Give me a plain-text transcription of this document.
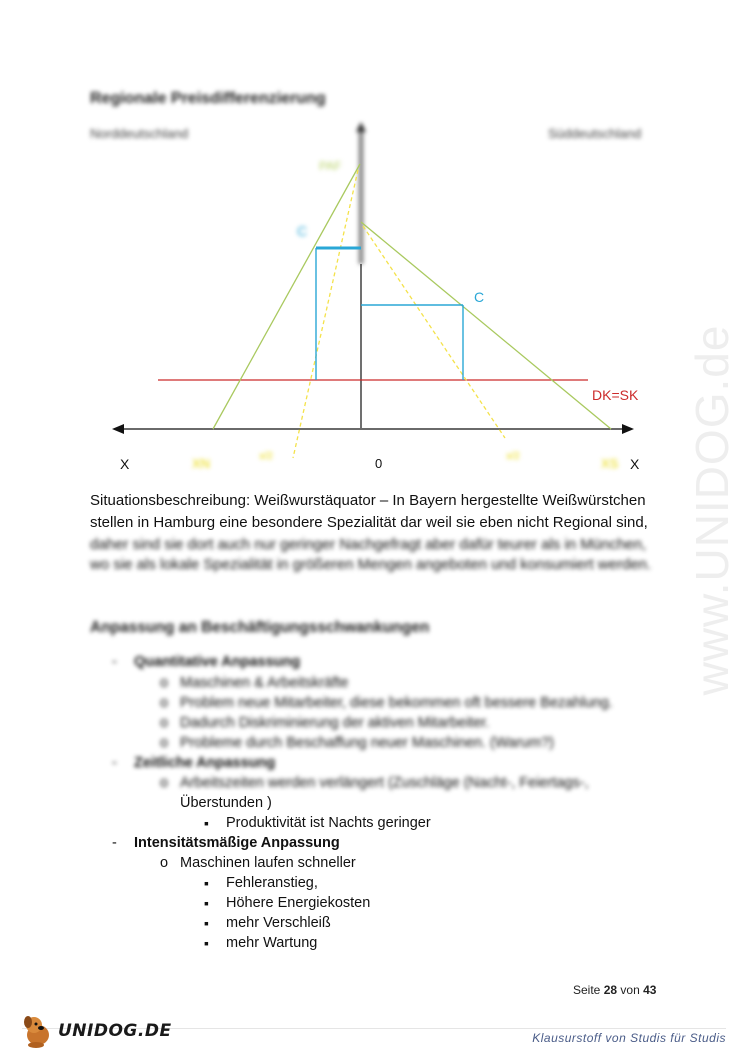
Regionale Preisdifferenzierung
Norddeutschland	Süddeutschland
PAF
C
C
DK=SK
X	XN	x/2	0	x/2	XS X
Situationsbeschreibung: Weißwurstäquator – In Bayern hergestellte Weißwürstchen
stellen in Hamburg eine besondere Spezialität dar weil sie eben nicht Regional sind,
daher sind sie dort auch nur geringer Nachgefragt aber dafür teurer als in München,
wo sie als lokale Spezialität in größeren Mengen angeboten und konsumiert werden.
Anpassung an Beschäftigungsschwankungen
- Quantitative Anpassung
o Maschinen & Arbeitskräfte
o Problem neue Mitarbeiter, diese bekommen oft bessere Bezahlung.
o Dadurch Diskriminierung der aktiven Mitarbeiter.
o Probleme durch Beschaffung neuer Maschinen. (Warum?)
- Zeitliche Anpassung
o Arbeitszeiten werden verlängert (Zuschläge (Nacht-, Feiertags-,
Überstunden )
▪ Produktivität ist Nachts geringer
- Intensitätsmäßige Anpassung
o Maschinen laufen schneller
▪ Fehleranstieg,
▪ Höhere Energiekosten
▪ mehr Verschleiß
▪ mehr Wartung
www.UNIDOG.de
Seite 28 von 43
UNIDOG.DE	Klausurstoff von Studis für Studis
